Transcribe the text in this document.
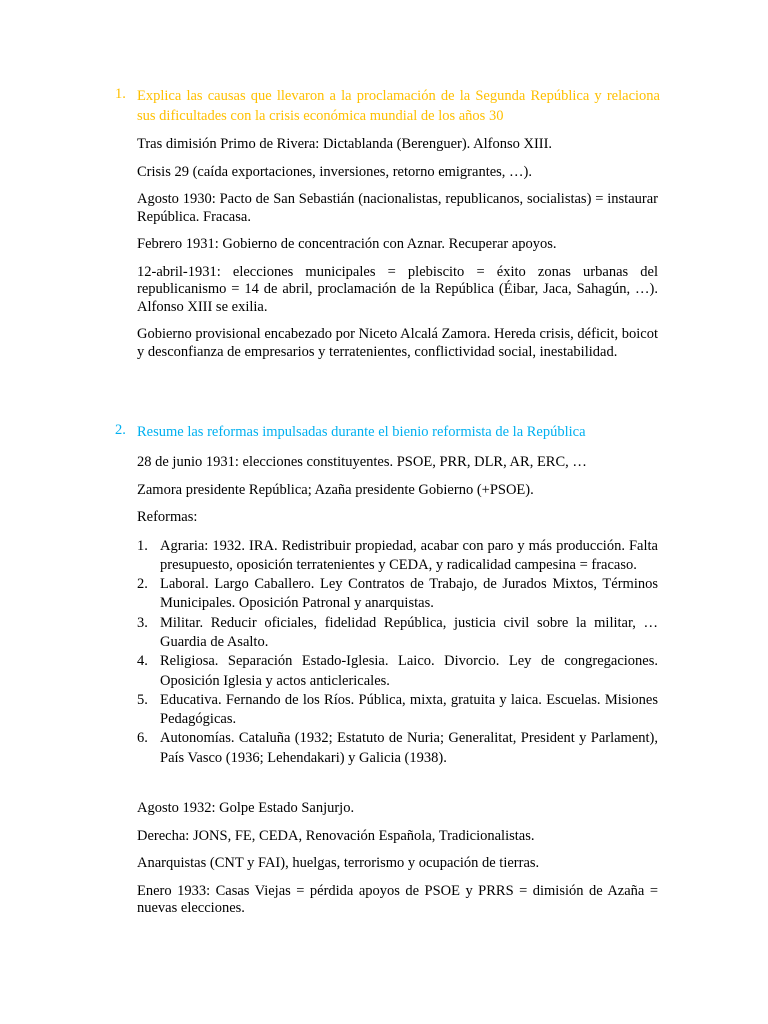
1. Explica las causas que llevaron a la proclamación de la Segunda República y relaciona sus dificultades con la crisis económica mundial de los años 30

Tras dimisión Primo de Rivera: Dictablanda (Berenguer). Alfonso XIII.

Crisis 29 (caída exportaciones, inversiones, retorno emigrantes, …).

Agosto 1930: Pacto de San Sebastián (nacionalistas, republicanos, socialistas) = instaurar República. Fracasa.

Febrero 1931: Gobierno de concentración con Aznar. Recuperar apoyos.

12-abril-1931: elecciones municipales = plebiscito = éxito zonas urbanas del republicanismo = 14 de abril, proclamación de la República (Éibar, Jaca, Sahagún, …). Alfonso XIII se exilia.

Gobierno provisional encabezado por Niceto Alcalá Zamora. Hereda crisis, déficit, boicot y desconfianza de empresarios y terratenientes, conflictividad social, inestabilidad.

2. Resume las reformas impulsadas durante el bienio reformista de la República

28 de junio 1931: elecciones constituyentes. PSOE, PRR, DLR, AR, ERC, …

Zamora presidente República; Azaña presidente Gobierno (+PSOE).

Reformas:

1. Agraria: 1932. IRA. Redistribuir propiedad, acabar con paro y más producción. Falta presupuesto, oposición terratenientes y CEDA, y radicalidad campesina = fracaso.
2. Laboral. Largo Caballero. Ley Contratos de Trabajo, de Jurados Mixtos, Términos Municipales. Oposición Patronal y anarquistas.
3. Militar. Reducir oficiales, fidelidad República, justicia civil sobre la militar, … Guardia de Asalto.
4. Religiosa. Separación Estado-Iglesia. Laico. Divorcio. Ley de congregaciones. Oposición Iglesia y actos anticlericales.
5. Educativa. Fernando de los Ríos. Pública, mixta, gratuita y laica. Escuelas. Misiones Pedagógicas.
6. Autonomías. Cataluña (1932; Estatuto de Nuria; Generalitat, President y Parlament), País Vasco (1936; Lehendakari) y Galicia (1938).

Agosto 1932: Golpe Estado Sanjurjo.

Derecha: JONS, FE, CEDA, Renovación Española, Tradicionalistas.

Anarquistas (CNT y FAI), huelgas, terrorismo y ocupación de tierras.

Enero 1933: Casas Viejas = pérdida apoyos de PSOE y PRRS = dimisión de Azaña = nuevas elecciones.
